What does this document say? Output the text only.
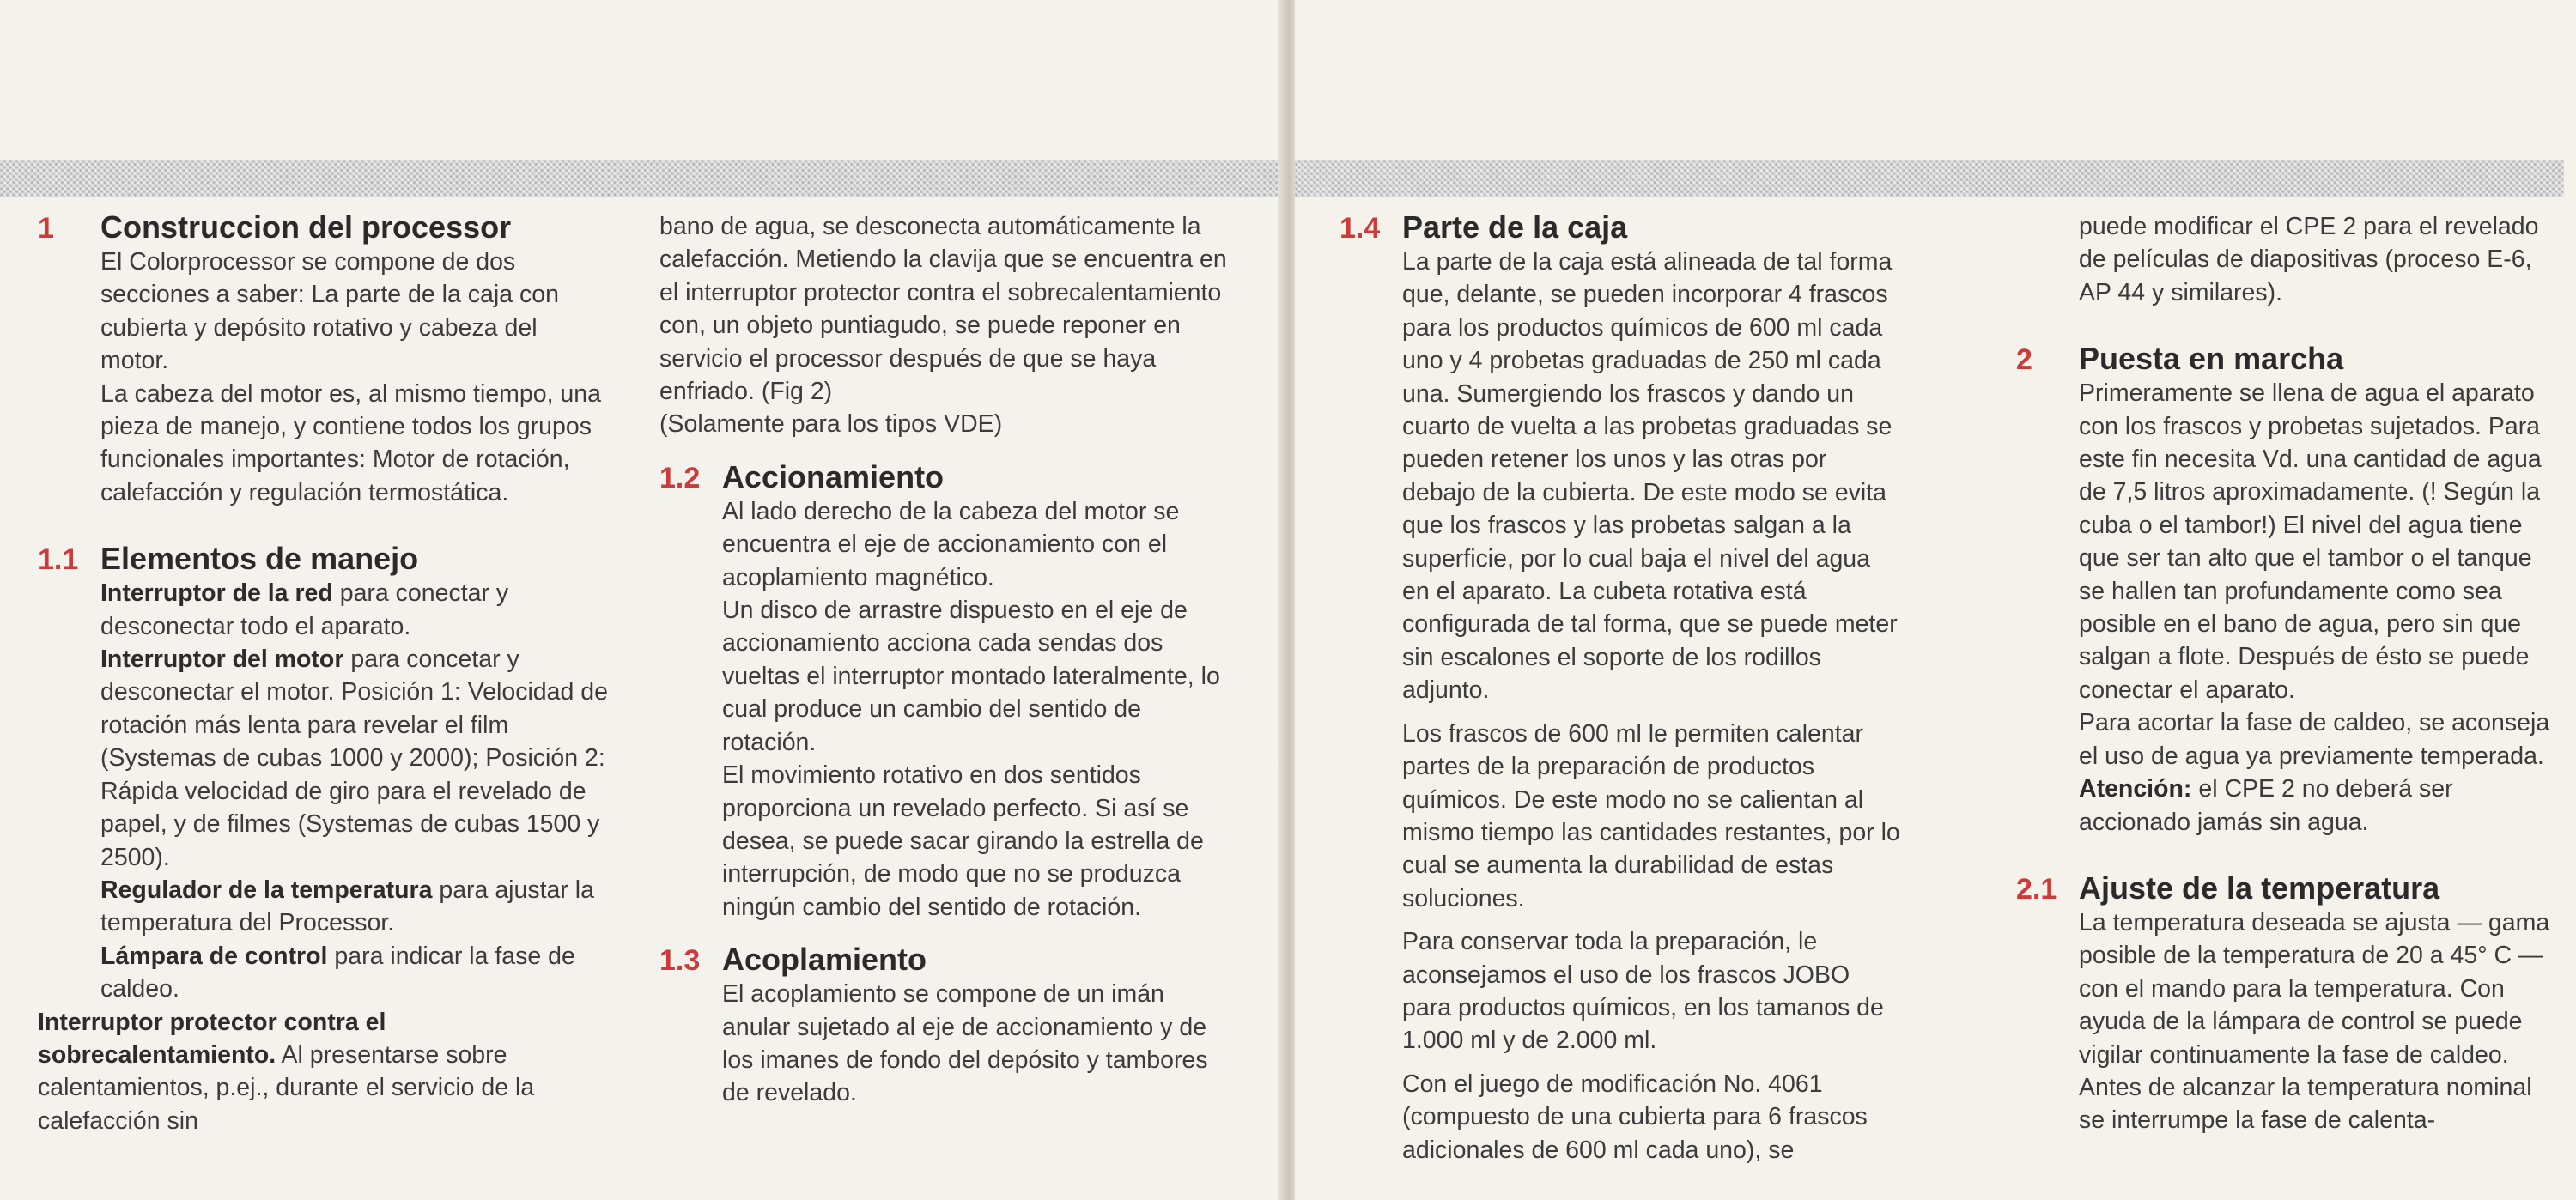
1	Construccion del processor

El Colorprocessor se compone de dos secciones a saber: La parte de la caja con cubierta y depósito rotativo y cabeza del motor.

La cabeza del motor es, al mismo tiempo, una pieza de manejo, y contiene todos los grupos funcionales importantes: Motor de rotación, calefacción y regulación termostática.

1.1 Elementos de manejo

Interruptor de la red para conectar y desconectar todo el aparato.

Interruptor del motor para concetar y desconectar el motor. Posición 1: Velocidad de rotación más lenta para revelar el film (Systemas de cubas 1000 y 2000); Posición 2: Rápida velocidad de giro para el revelado de papel, y de filmes (Systemas de cubas 1500 y 2500).

Regulador de la temperatura para ajustar la temperatura del Processor.

Lámpara de control para indicar la fase de caldeo.

Interruptor protector contra el sobrecalentamiento. Al presentarse sobre calentamientos, p.ej., durante el servicio de la calefacción sin

bano de agua, se desconecta automáticamente la calefacción. Metiendo la clavija que se encuentra en el interruptor protector contra el sobrecalentamiento con, un objeto puntiagudo, se puede reponer en servicio el processor después de que se haya enfriado. (Fig 2)

(Solamente para los tipos VDE)

1.2 Accionamiento

Al lado derecho de la cabeza del motor se encuentra el eje de accionamiento con el acoplamiento magnético.

Un disco de arrastre dispuesto en el eje de accionamiento acciona cada sendas dos vueltas el interruptor montado lateralmente, lo cual produce un cambio del sentido de rotación.

El movimiento rotativo en dos sentidos proporciona un revelado perfecto. Si así se desea, se puede sacar girando la estrella de interrupción, de modo que no se produzca ningún cambio del sentido de rotación.

1.3 Acoplamiento

El acoplamiento se compone de un imán anular sujetado al eje de accionamiento y de los imanes de fondo del depósito y tambores de revelado.

1.4 Parte de la caja

La parte de la caja está alineada de tal forma que, delante, se pueden incorporar 4 frascos para los productos químicos de 600 ml cada uno y 4 probetas graduadas de 250 ml cada una. Sumergiendo los frascos y dando un cuarto de vuelta a las probetas graduadas se pueden retener los unos y las otras por debajo de la cubierta. De este modo se evita que los frascos y las probetas salgan a la superficie, por lo cual baja el nivel del agua en el aparato. La cubeta rotativa está configurada de tal forma, que se puede meter sin escalones el soporte de los rodillos adjunto.

Los frascos de 600 ml le permiten calentar partes de la preparación de productos químicos. De este modo no se calientan al mismo tiempo las cantidades restantes, por lo cual se aumenta la durabilidad de estas soluciones.

Para conservar toda la preparación, le aconsejamos el uso de los frascos JOBO para productos químicos, en los tamanos de 1.000 ml y de 2.000 ml.

Con el juego de modificación No. 4061 (compuesto de una cubierta para 6 frascos adicionales de 600 ml cada uno), se

puede modificar el CPE 2 para el revelado de películas de diapositivas (proceso E-6, AP 44 y similares).

2	Puesta en marcha

Primeramente se llena de agua el aparato con los frascos y probetas sujetados. Para este fin necesita Vd. una cantidad de agua de 7,5 litros aproximadamente. (! Según la cuba o el tambor!) El nivel del agua tiene que ser tan alto que el tambor o el tanque se hallen tan profundamente como sea posible en el bano de agua, pero sin que salgan a flote. Después de ésto se puede conectar el aparato.

Para acortar la fase de caldeo, se aconseja el uso de agua ya previamente temperada.

Atención: el CPE 2 no deberá ser accionado jamás sin agua.

2.1 Ajuste de la temperatura

La temperatura deseada se ajusta — gama posible de la temperatura de 20 a 45° C — con el mando para la temperatura. Con ayuda de la lámpara de control se puede vigilar continuamente la fase de caldeo. Antes de alcanzar la temperatura nominal se interrumpe la fase de calenta-
